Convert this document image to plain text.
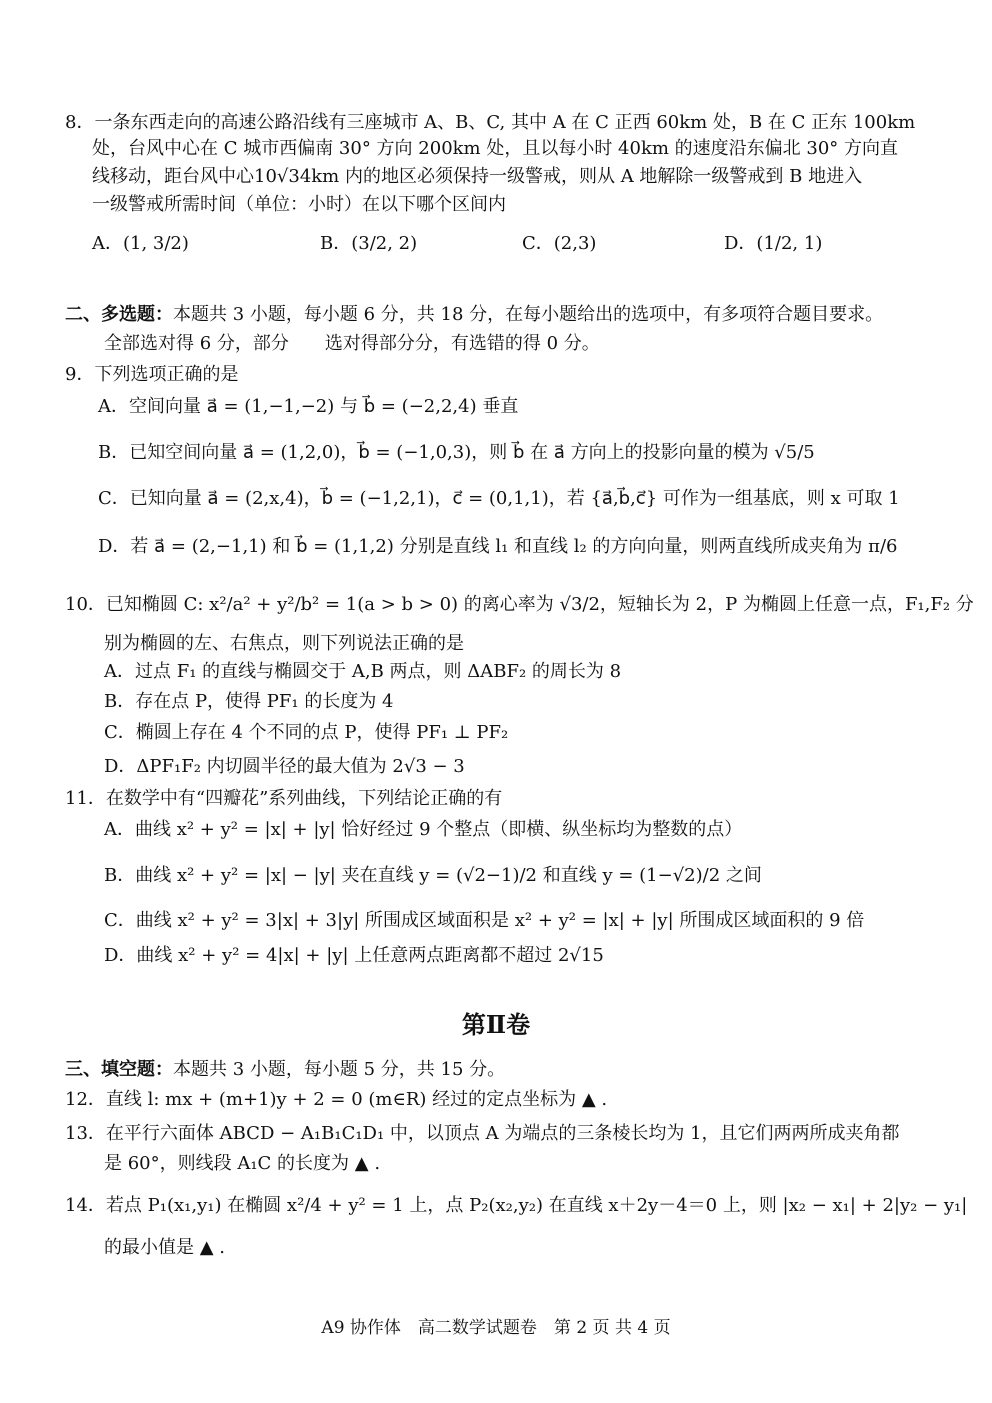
8．一条东西走向的高速公路沿线有三座城市 A、B、C, 其中 A 在 C 正西 60km 处，B 在 C 正东 100km
处，台风中心在 C 城市西偏南 30° 方向 200km 处，且以每小时 40km 的速度沿东偏北 30° 方向直
线移动，距台风中心10√34km 内的地区必须保持一级警戒，则从 A 地解除一级警戒到 B 地进入
一级警戒所需时间（单位：小时）在以下哪个区间内
A．(1, 3/2)	B．(3/2, 2)	C．(2,3)	D．(1/2, 1)
二、多选题：本题共 3 小题，每小题 6 分，共 18 分，在每小题给出的选项中，有多项符合题目要求。
全部选对得 6 分，部分　　选对得部分分，有选错的得 0 分。
9．下列选项正确的是
A．空间向量 a⃗ = (1,−1,−2) 与 b⃗ = (−2,2,4) 垂直
B．已知空间向量 a⃗ = (1,2,0)，b⃗ = (−1,0,3)，则 b⃗ 在 a⃗ 方向上的投影向量的模为 √5/5
C．已知向量 a⃗ = (2,x,4)，b⃗ = (−1,2,1)，c⃗ = (0,1,1)，若 {a⃗,b⃗,c⃗} 可作为一组基底，则 x 可取 1
D．若 a⃗ = (2,−1,1) 和 b⃗ = (1,1,2) 分别是直线 l₁ 和直线 l₂ 的方向向量，则两直线所成夹角为 π/6
10．已知椭圆 C: x²/a² + y²/b² = 1(a > b > 0) 的离心率为 √3/2，短轴长为 2，P 为椭圆上任意一点，F₁,F₂ 分
别为椭圆的左、右焦点，则下列说法正确的是
A．过点 F₁ 的直线与椭圆交于 A,B 两点，则 ΔABF₂ 的周长为 8
B．存在点 P，使得 PF₁ 的长度为 4
C．椭圆上存在 4 个不同的点 P，使得 PF₁ ⊥ PF₂
D．ΔPF₁F₂ 内切圆半径的最大值为 2√3 − 3
11．在数学中有“四瓣花”系列曲线，下列结论正确的有
A．曲线 x² + y² = |x| + |y| 恰好经过 9 个整点（即横、纵坐标均为整数的点）
B．曲线 x² + y² = |x| − |y| 夹在直线 y = (√2−1)/2 和直线 y = (1−√2)/2 之间
C．曲线 x² + y² = 3|x| + 3|y| 所围成区域面积是 x² + y² = |x| + |y| 所围成区域面积的 9 倍
D．曲线 x² + y² = 4|x| + |y| 上任意两点距离都不超过 2√15
第Ⅱ卷
三、填空题：本题共 3 小题，每小题 5 分，共 15 分。
12．直线 l: mx + (m+1)y + 2 = 0 (m∈R) 经过的定点坐标为 ▲ .
13．在平行六面体 ABCD − A₁B₁C₁D₁ 中，以顶点 A 为端点的三条棱长均为 1，且它们两两所成夹角都
是 60°，则线段 A₁C 的长度为 ▲ .
14．若点 P₁(x₁,y₁) 在椭圆 x²/4 + y² = 1 上，点 P₂(x₂,y₂) 在直线 x＋2y－4＝0 上，则 |x₂ − x₁| + 2|y₂ − y₁|
的最小值是 ▲ .
A9 协作体　高二数学试题卷　第 2 页 共 4 页
